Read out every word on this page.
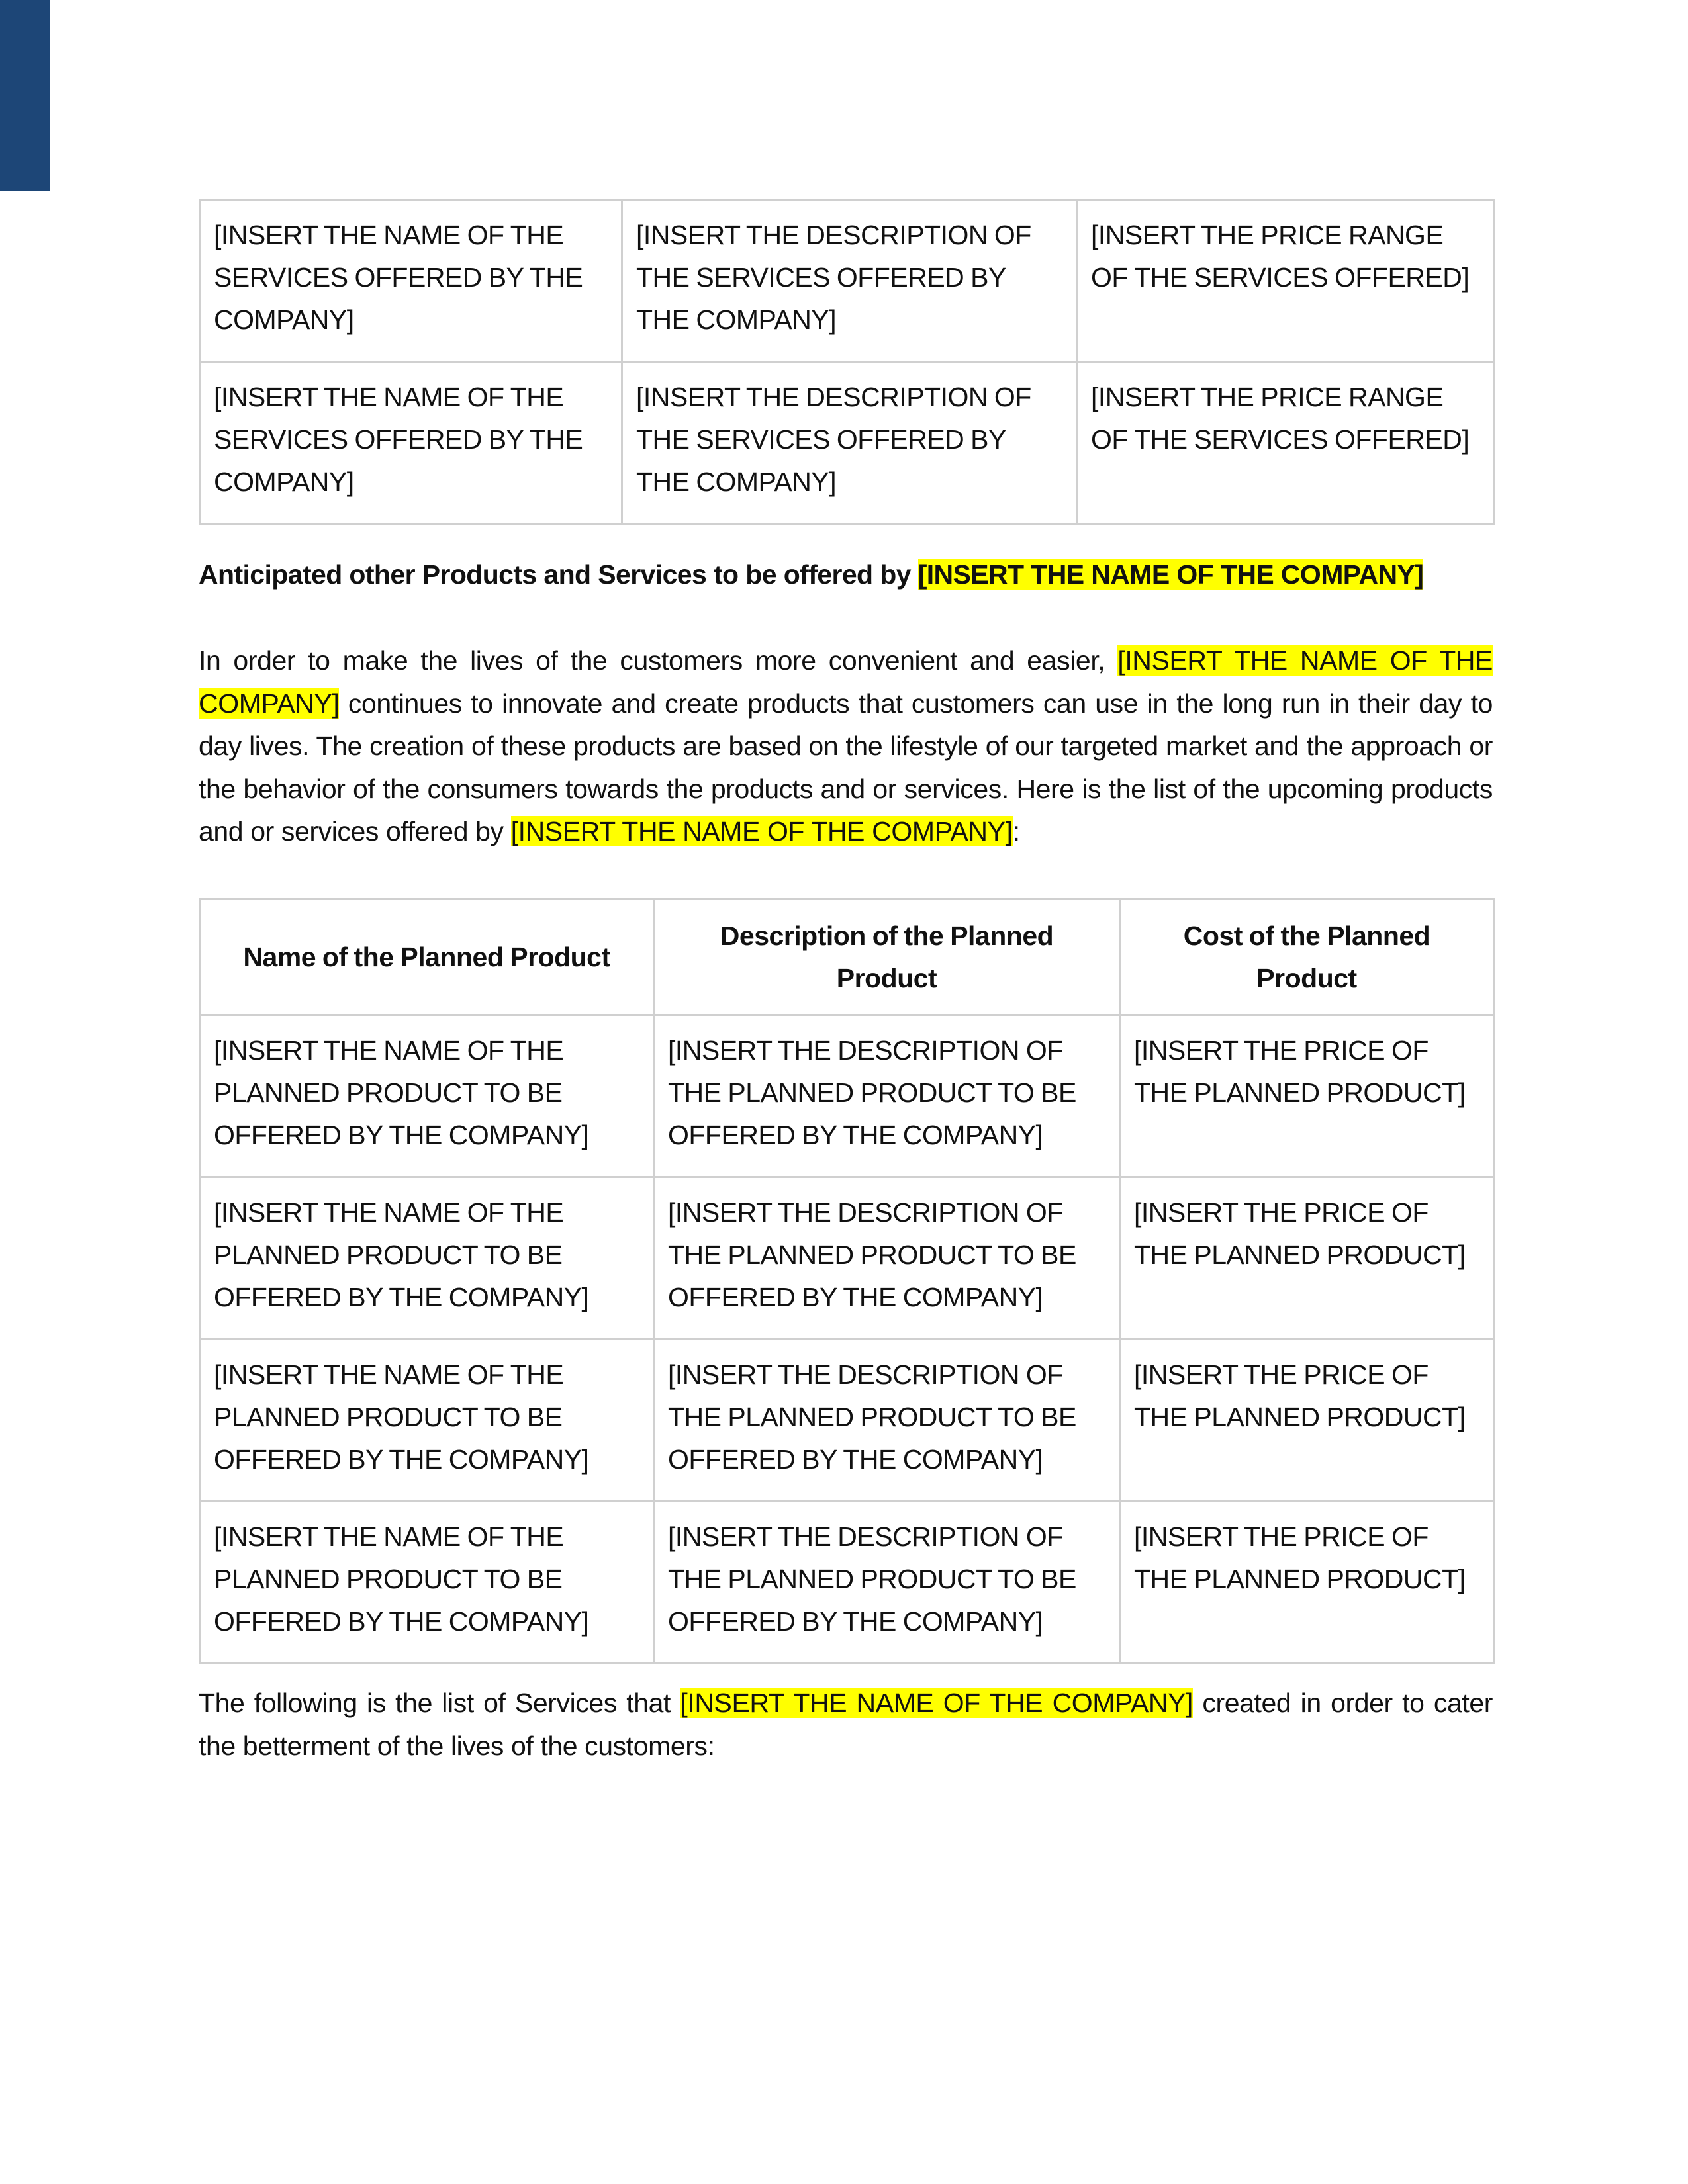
[INSERT THE NAME OF THE SERVICES OFFERED BY THE COMPANY]	[INSERT THE DESCRIPTION OF THE SERVICES OFFERED BY THE COMPANY]	[INSERT THE PRICE RANGE OF THE SERVICES OFFERED]
[INSERT THE NAME OF THE SERVICES OFFERED BY THE COMPANY]	[INSERT THE DESCRIPTION OF THE SERVICES OFFERED BY THE COMPANY]	[INSERT THE PRICE RANGE OF THE SERVICES OFFERED]
Anticipated other Products and Services to be offered by [INSERT THE NAME OF THE COMPANY]
In order to make the lives of the customers more convenient and easier, [INSERT THE NAME OF THE COMPANY] continues to innovate and create products that customers can use in the long run in their day to day lives. The creation of these products are based on the lifestyle of our targeted market and the approach or the behavior of the consumers towards the products and or services. Here is the list of the upcoming products and or services offered by [INSERT THE NAME OF THE COMPANY]:
Name of the Planned Product	Description of the Planned Product	Cost of the Planned Product
[INSERT THE NAME OF THE PLANNED PRODUCT TO BE OFFERED BY THE COMPANY]	[INSERT THE DESCRIPTION OF THE PLANNED PRODUCT TO BE OFFERED BY THE COMPANY]	[INSERT THE PRICE OF THE PLANNED PRODUCT]
[INSERT THE NAME OF THE PLANNED PRODUCT TO BE OFFERED BY THE COMPANY]	[INSERT THE DESCRIPTION OF THE PLANNED PRODUCT TO BE OFFERED BY THE COMPANY]	[INSERT THE PRICE OF THE PLANNED PRODUCT]
[INSERT THE NAME OF THE PLANNED PRODUCT TO BE OFFERED BY THE COMPANY]	[INSERT THE DESCRIPTION OF THE PLANNED PRODUCT TO BE OFFERED BY THE COMPANY]	[INSERT THE PRICE OF THE PLANNED PRODUCT]
[INSERT THE NAME OF THE PLANNED PRODUCT TO BE OFFERED BY THE COMPANY]	[INSERT THE DESCRIPTION OF THE PLANNED PRODUCT TO BE OFFERED BY THE COMPANY]	[INSERT THE PRICE OF THE PLANNED PRODUCT]
The following is the list of Services that [INSERT THE NAME OF THE COMPANY] created in order to cater the betterment of the lives of the customers:
